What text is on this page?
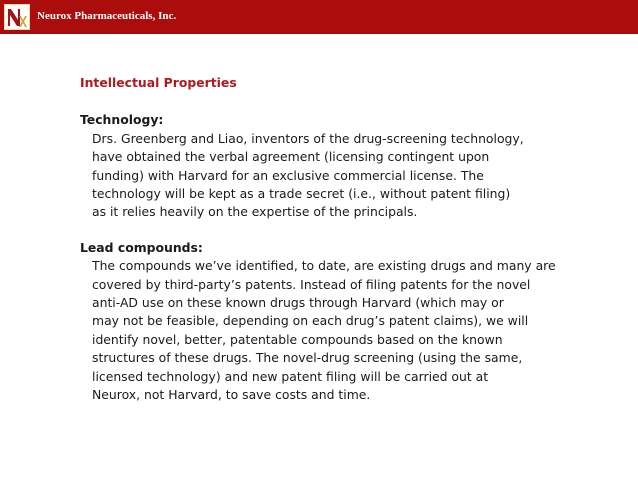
Neurox Pharmaceuticals, Inc.
Intellectual Properties
Technology:
Drs. Greenberg and Liao, inventors of the drug-screening technology,
have obtained the verbal agreement (licensing contingent upon
funding) with Harvard for an exclusive commercial license. The
technology will be kept as a trade secret (i.e., without patent filing)
as it relies heavily on the expertise of the principals.
Lead compounds:
The compounds we’ve identified, to date, are existing drugs and many are
covered by third-party’s patents. Instead of filing patents for the novel
anti-AD use on these known drugs through Harvard (which may or
may not be feasible, depending on each drug’s patent claims), we will
identify novel, better, patentable compounds based on the known
structures of these drugs. The novel-drug screening (using the same,
licensed technology) and new patent filing will be carried out at
Neurox, not Harvard, to save costs and time.
